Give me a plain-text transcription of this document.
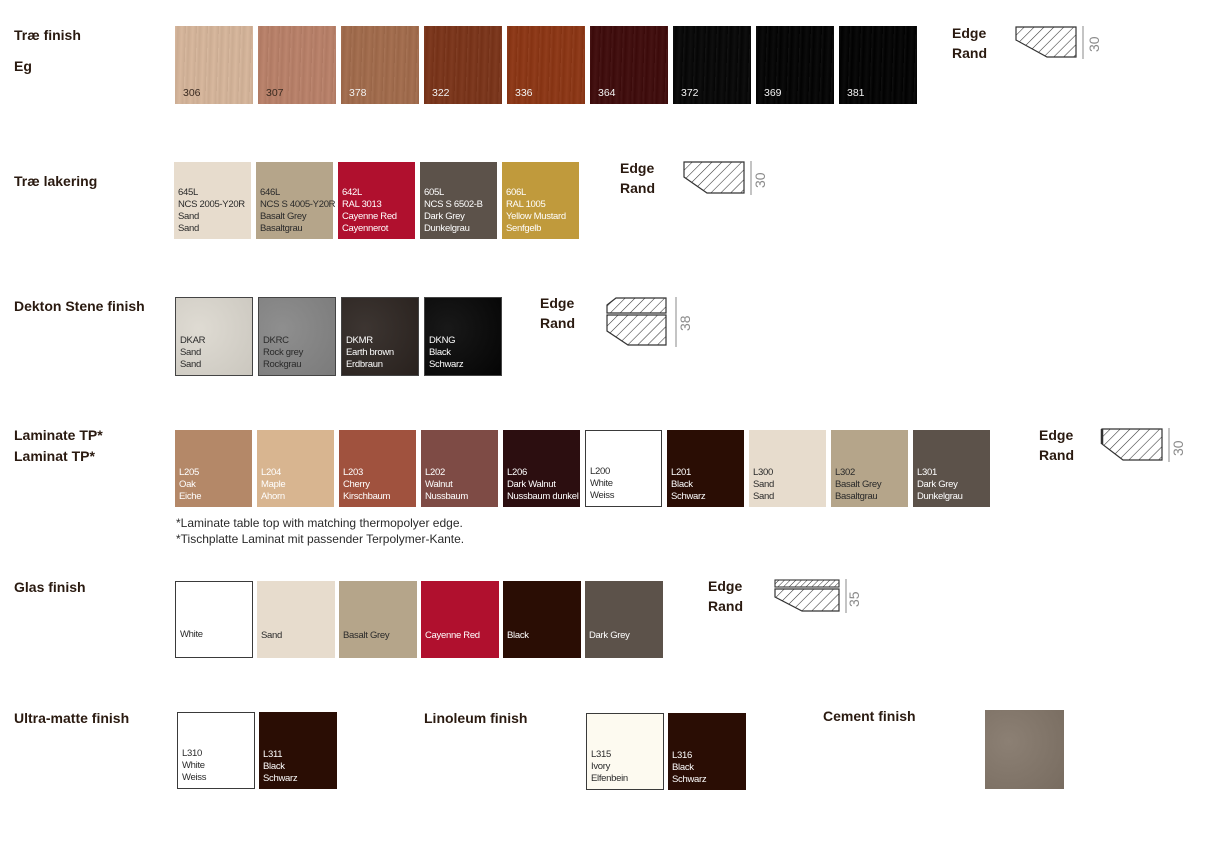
Træ finish
Eg
306	307	378	322	336	364	372	369	381
Edge
Rand
30
Træ lakering
645L
NCS 2005-Y20R
Sand
Sand
646L
NCS S 4005-Y20R
Basalt Grey
Basaltgrau
642L
RAL 3013
Cayenne Red
Cayennerot
605L
NCS S 6502-B
Dark Grey
Dunkelgrau
606L
RAL 1005
Yellow Mustard
Senfgelb
Edge
Rand	30
Dekton Stene finish
DKAR
Sand
Sand
DKRC
Rock grey
Rockgrau
DKMR
Earth brown
Erdbraun
DKNG
Black
Schwarz
Edge
Rand	38
Laminate TP*
Laminat TP*
L205
Oak
Eiche
L204
Maple
Ahorn
L203
Cherry
Kirschbaum
L202
Walnut
Nussbaum
L206
Dark Walnut
Nussbaum dunkel
L200
White
Weiss
L201
Black
Schwarz
L300
Sand
Sand
L302
Basalt Grey
Basaltgrau
L301
Dark Grey
Dunkelgrau
*Laminate table top with matching thermopolyer edge.
*Tischplatte Laminat mit passender Terpolymer-Kante.
Edge
Rand	30
Glas finish
White	Sand	Basalt Grey	Cayenne Red	Black	Dark Grey
Edge
Rand	35
Ultra-matte finish
L310
White
Weiss
L311
Black
Schwarz
Linoleum finish
L315
Ivory
Elfenbein
L316
Black
Schwarz
Cement finish
